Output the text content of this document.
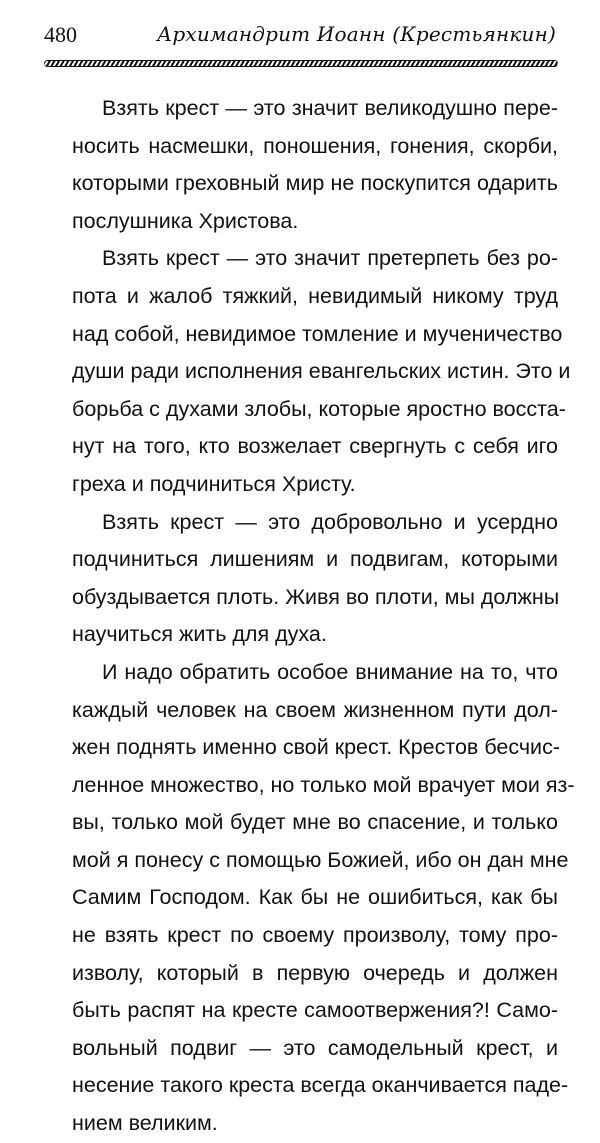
480	Архимандрит Иоанн (Крестьянкин)
Взять крест — это значит великодушно пере-
носить насмешки, поношения, гонения, скорби,
которыми греховный мир не поскупится одарить
послушника Христова.
Взять крест — это значит претерпеть без ро-
пота и жалоб тяжкий, невидимый никому труд
над собой, невидимое томление и мученичество
души ради исполнения евангельских истин. Это и
борьба с духами злобы, которые яростно восста-
нут на того, кто возжелает свергнуть с себя иго
греха и подчиниться Христу.
Взять крест — это добровольно и усердно
подчиниться лишениям и подвигам, которыми
обуздывается плоть. Живя во плоти, мы должны
научиться жить для духа.
И надо обратить особое внимание на то, что
каждый человек на своем жизненном пути дол-
жен поднять именно свой крест. Крестов бесчис-
ленное множество, но только мой врачует мои яз-
вы, только мой будет мне во спасение, и только
мой я понесу с помощью Божией, ибо он дан мне
Самим Господом. Как бы не ошибиться, как бы
не взять крест по своему произволу, тому про-
изволу, который в первую очередь и должен
быть распят на кресте самоотвержения?! Само-
вольный подвиг — это самодельный крест, и
несение такого креста всегда оканчивается паде-
нием великим.
